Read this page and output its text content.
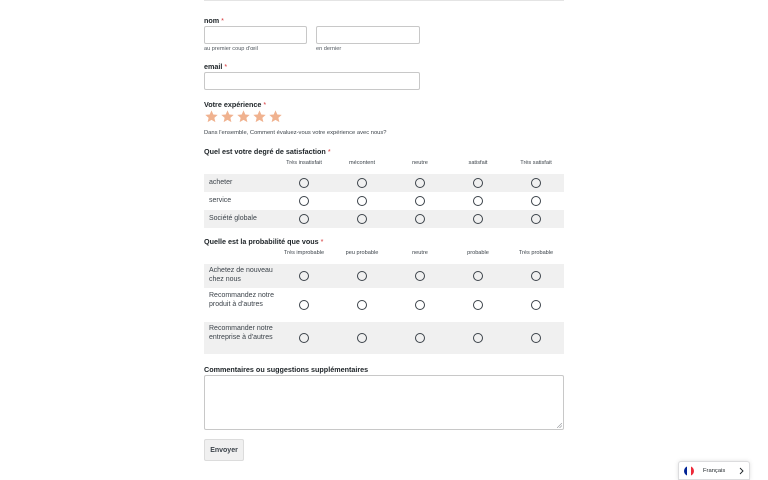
nom *
au premier coup d'œil	en dernier
email *
Votre expérience *
Dans l'ensemble, Comment évaluez-vous votre expérience avec nous?
Quel est votre degré de satisfaction *
Très insatisfait	mécontent	neutre	satisfait	Très satisfait
acheter
service
Société globale
Quelle est la probabilité que vous *
Très improbable	peu probable	neutre	probable	Très probable
Achetez de nouveau chez nous
Recommandez notre produit à d'autres
Recommander notre entreprise à d'autres
Commentaires ou suggestions supplémentaires
Envoyer
Français
